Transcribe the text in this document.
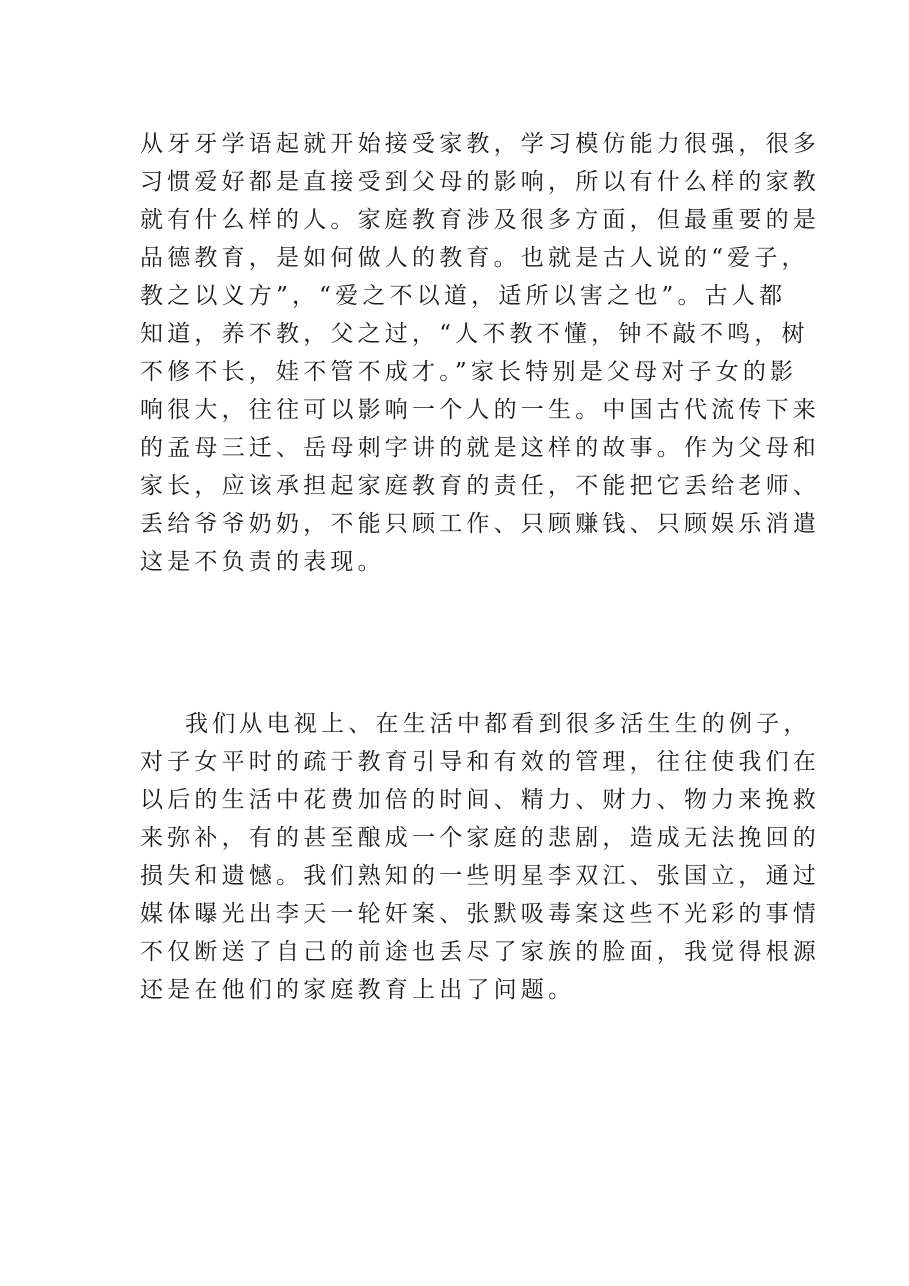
从牙牙学语起就开始接受家教，学习模仿能力很强，很多
习惯爱好都是直接受到父母的影响，所以有什么样的家教
就有什么样的人。家庭教育涉及很多方面，但最重要的是
品德教育，是如何做人的教育。也就是古人说的“爱子，
教之以义方”，“爱之不以道，适所以害之也”。古人都
知道，养不教，父之过，“人不教不懂，钟不敲不鸣，树
不修不长，娃不管不成才。”家长特别是父母对子女的影
响很大，往往可以影响一个人的一生。中国古代流传下来
的孟母三迁、岳母刺字讲的就是这样的故事。作为父母和
家长，应该承担起家庭教育的责任，不能把它丢给老师、
丢给爷爷奶奶，不能只顾工作、只顾赚钱、只顾娱乐消遣
这是不负责的表现。
我们从电视上、在生活中都看到很多活生生的例子，
对子女平时的疏于教育引导和有效的管理，往往使我们在
以后的生活中花费加倍的时间、精力、财力、物力来挽救
来弥补，有的甚至酿成一个家庭的悲剧，造成无法挽回的
损失和遗憾。我们熟知的一些明星李双江、张国立，通过
媒体曝光出李天一轮奸案、张默吸毒案这些不光彩的事情
不仅断送了自己的前途也丢尽了家族的脸面，我觉得根源
还是在他们的家庭教育上出了问题。
